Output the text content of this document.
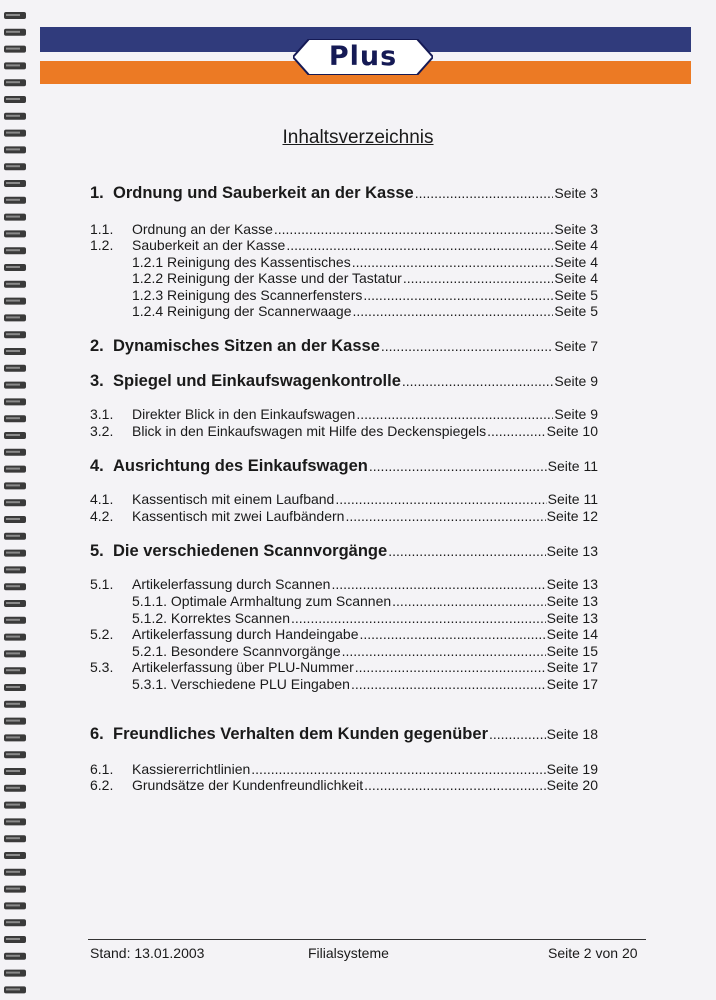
Plus
Inhaltsverzeichnis
1. Ordnung und Sauberkeit an der Kasse .....	Seite 3
1.1.	Ordnung an der Kasse .....	Seite 3
1.2.	Sauberkeit an der Kasse .....	Seite 4
1.2.1 Reinigung des Kassentisches .....	Seite 4
1.2.2 Reinigung der Kasse und der Tastatur .....	Seite 4
1.2.3 Reinigung des Scannerfensters .....	Seite 5
1.2.4 Reinigung der Scannerwaage .....	Seite 5
2. Dynamisches Sitzen an der Kasse .....	Seite 7
3. Spiegel und Einkaufswagenkontrolle .....	Seite 9
3.1.	Direkter Blick in den Einkaufswagen .....	Seite 9
3.2.	Blick in den Einkaufswagen mit Hilfe des Deckenspiegels .....	Seite 10
4. Ausrichtung des Einkaufswagen .....	Seite 11
4.1.	Kassentisch mit einem Laufband .....	Seite 11
4.2.	Kassentisch mit zwei Laufbändern .....	Seite 12
5. Die verschiedenen Scannvorgänge .....	Seite 13
5.1.	Artikelerfassung durch Scannen .....	Seite 13
5.1.1. Optimale Armhaltung zum Scannen .....	Seite 13
5.1.2. Korrektes Scannen .....	Seite 13
5.2.	Artikelerfassung durch Handeingabe .....	Seite 14
5.2.1. Besondere Scannvorgänge .....	Seite 15
5.3.	Artikelerfassung über PLU-Nummer .....	Seite 17
5.3.1. Verschiedene PLU Eingaben .....	Seite 17
6. Freundliches Verhalten dem Kunden gegenüber .....	Seite 18
6.1.	Kassiererrichtlinien .....	Seite 19
6.2.	Grundsätze der Kundenfreundlichkeit .....	Seite 20
Stand: 13.01.2003	Filialsysteme	Seite 2 von 20
